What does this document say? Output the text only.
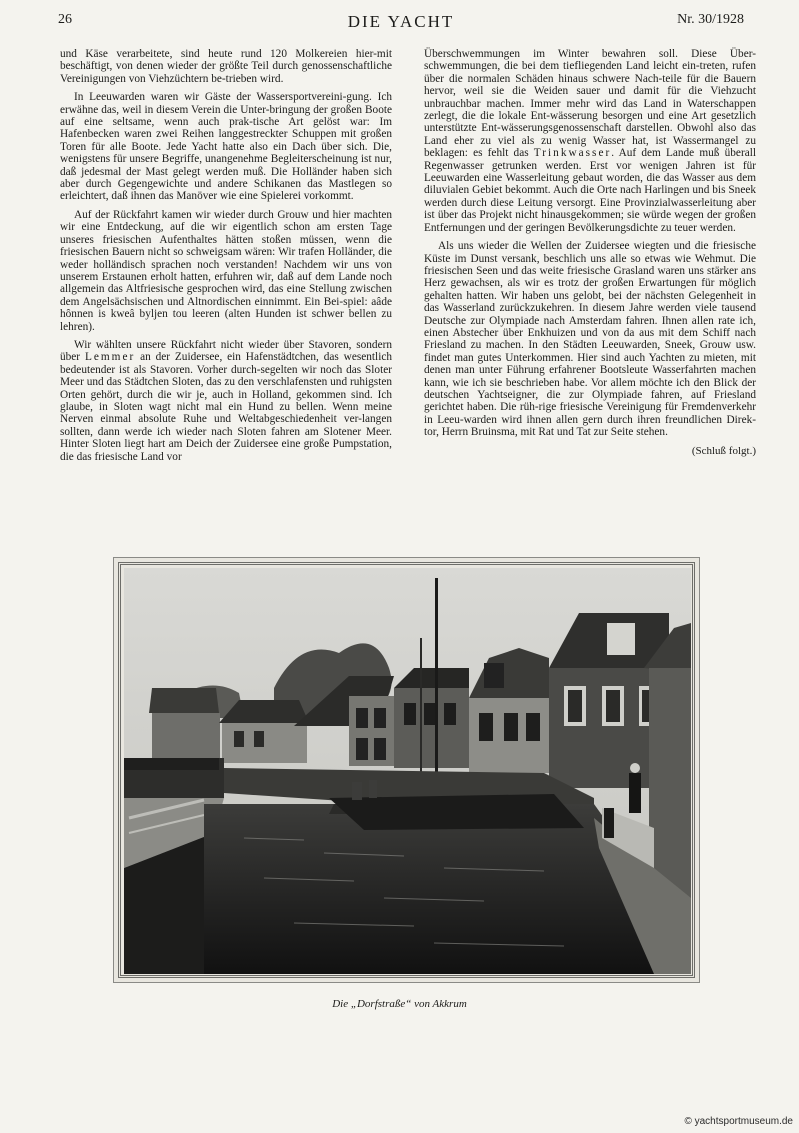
26	DIE YACHT	Nr. 30/1928

und Käse verarbeitete, sind heute rund 120 Molkereien hier-mit beschäftigt, von denen wieder der größte Teil durch genossenschaftliche Vereinigungen von Viehzüchtern be-trieben wird.

In Leeuwarden waren wir Gäste der Wassersportvereini-gung. Ich erwähne das, weil in diesem Verein die Unter-bringung der großen Boote auf eine seltsame, wenn auch prak-tische Art gelöst war: Im Hafenbecken waren zwei Reihen langgestreckter Schuppen mit großen Toren für alle Boote. Jede Yacht hatte also ein Dach über sich. Die, wenigstens für unsere Begriffe, unangenehme Begleiterscheinung ist nur, daß jedesmal der Mast gelegt werden muß. Die Holländer haben sich aber durch Gegengewichte und andere Schikanen das Mastlegen so erleichtert, daß ihnen das Manöver wie eine Spielerei vorkommt.

Auf der Rückfahrt kamen wir wieder durch Grouw und hier machten wir eine Entdeckung, auf die wir eigentlich schon am ersten Tage unseres friesischen Aufenthaltes hätten stoßen müssen, wenn die friesischen Bauern nicht so schweigsam wären: Wir trafen Holländer, die weder holländisch sprachen noch verstanden! Nachdem wir uns von unserem Erstaunen erholt hatten, erfuhren wir, daß auf dem Lande noch allgemein das Altfriesische gesprochen wird, das eine Stellung zwischen dem Angelsächsischen und Altnordischen einnimmt. Ein Bei-spiel: aâde hônnen is kweâ byljen tou leeren (alten Hunden ist schwer bellen zu lehren).

Wir wählten unsere Rückfahrt nicht wieder über Stavoren, sondern über Lemmer an der Zuidersee, ein Hafenstädtchen, das wesentlich bedeutender ist als Stavoren. Vorher durch-segelten wir noch das Sloter Meer und das Städtchen Sloten, das zu den verschlafensten und ruhigsten Orten gehört, durch die wir je, auch in Holland, gekommen sind. Ich glaube, in Sloten wagt nicht mal ein Hund zu bellen. Wenn meine Nerven einmal absolute Ruhe und Weltabgeschiedenheit ver-langen sollten, dann werde ich wieder nach Sloten fahren am Slotener Meer. Hinter Sloten liegt hart am Deich der Zuidersee eine große Pumpstation, die das friesische Land vor

Überschwemmungen im Winter bewahren soll. Diese Über-schwemmungen, die bei dem tiefliegenden Land leicht ein-treten, rufen über die normalen Schäden hinaus schwere Nach-teile für die Bauern hervor, weil sie die Weiden sauer und damit für die Viehzucht unbrauchbar machen. Immer mehr wird das Land in Waterschappen zerlegt, die die lokale Ent-wässerung besorgen und eine Art gesetzlich unterstützte Ent-wässerungsgenossenschaft darstellen. Obwohl also das Land eher zu viel als zu wenig Wasser hat, ist Wassermangel zu beklagen: es fehlt das Trinkwasser. Auf dem Lande muß überall Regenwasser getrunken werden. Erst vor wenigen Jahren ist für Leeuwarden eine Wasserleitung gebaut worden, die das Wasser aus dem diluvialen Gebiet bekommt. Auch die Orte nach Harlingen und bis Sneek werden durch diese Leitung versorgt. Eine Provinzialwasserleitung aber ist über das Projekt nicht hinausgekommen; sie würde wegen der großen Entfernungen und der geringen Bevölkerungsdichte zu teuer werden.

Als uns wieder die Wellen der Zuidersee wiegten und die friesische Küste im Dunst versank, beschlich uns alle so etwas wie Wehmut. Die friesischen Seen und das weite friesische Grasland waren uns stärker ans Herz gewachsen, als wir es trotz der großen Erwartungen für möglich gehalten hatten. Wir haben uns gelobt, bei der nächsten Gelegenheit in das Wasserland zurückzukehren. In diesem Jahre werden viele tausend Deutsche zur Olympiade nach Amsterdam fahren. Ihnen allen rate ich, einen Abstecher über Enkhuizen und von da aus mit dem Schiff nach Friesland zu machen. In den Städten Leeuwarden, Sneek, Grouw usw. findet man gutes Unterkommen. Hier sind auch Yachten zu mieten, mit denen man unter Führung erfahrener Bootsleute Wasserfahrten machen kann, wie ich sie beschrieben habe. Vor allem möchte ich den Blick der deutschen Yachtseigner, die zur Olympiade fahren, auf Friesland gerichtet haben. Die rüh-rige friesische Vereinigung für Fremdenverkehr in Leeu-warden wird ihnen allen gern durch ihren freundlichen Direk-tor, Herrn Bruinsma, mit Rat und Tat zur Seite stehen.

(Schluß folgt.)

Die „Dorfstraße“ von Akkrum
© yachtsportmuseum.de
